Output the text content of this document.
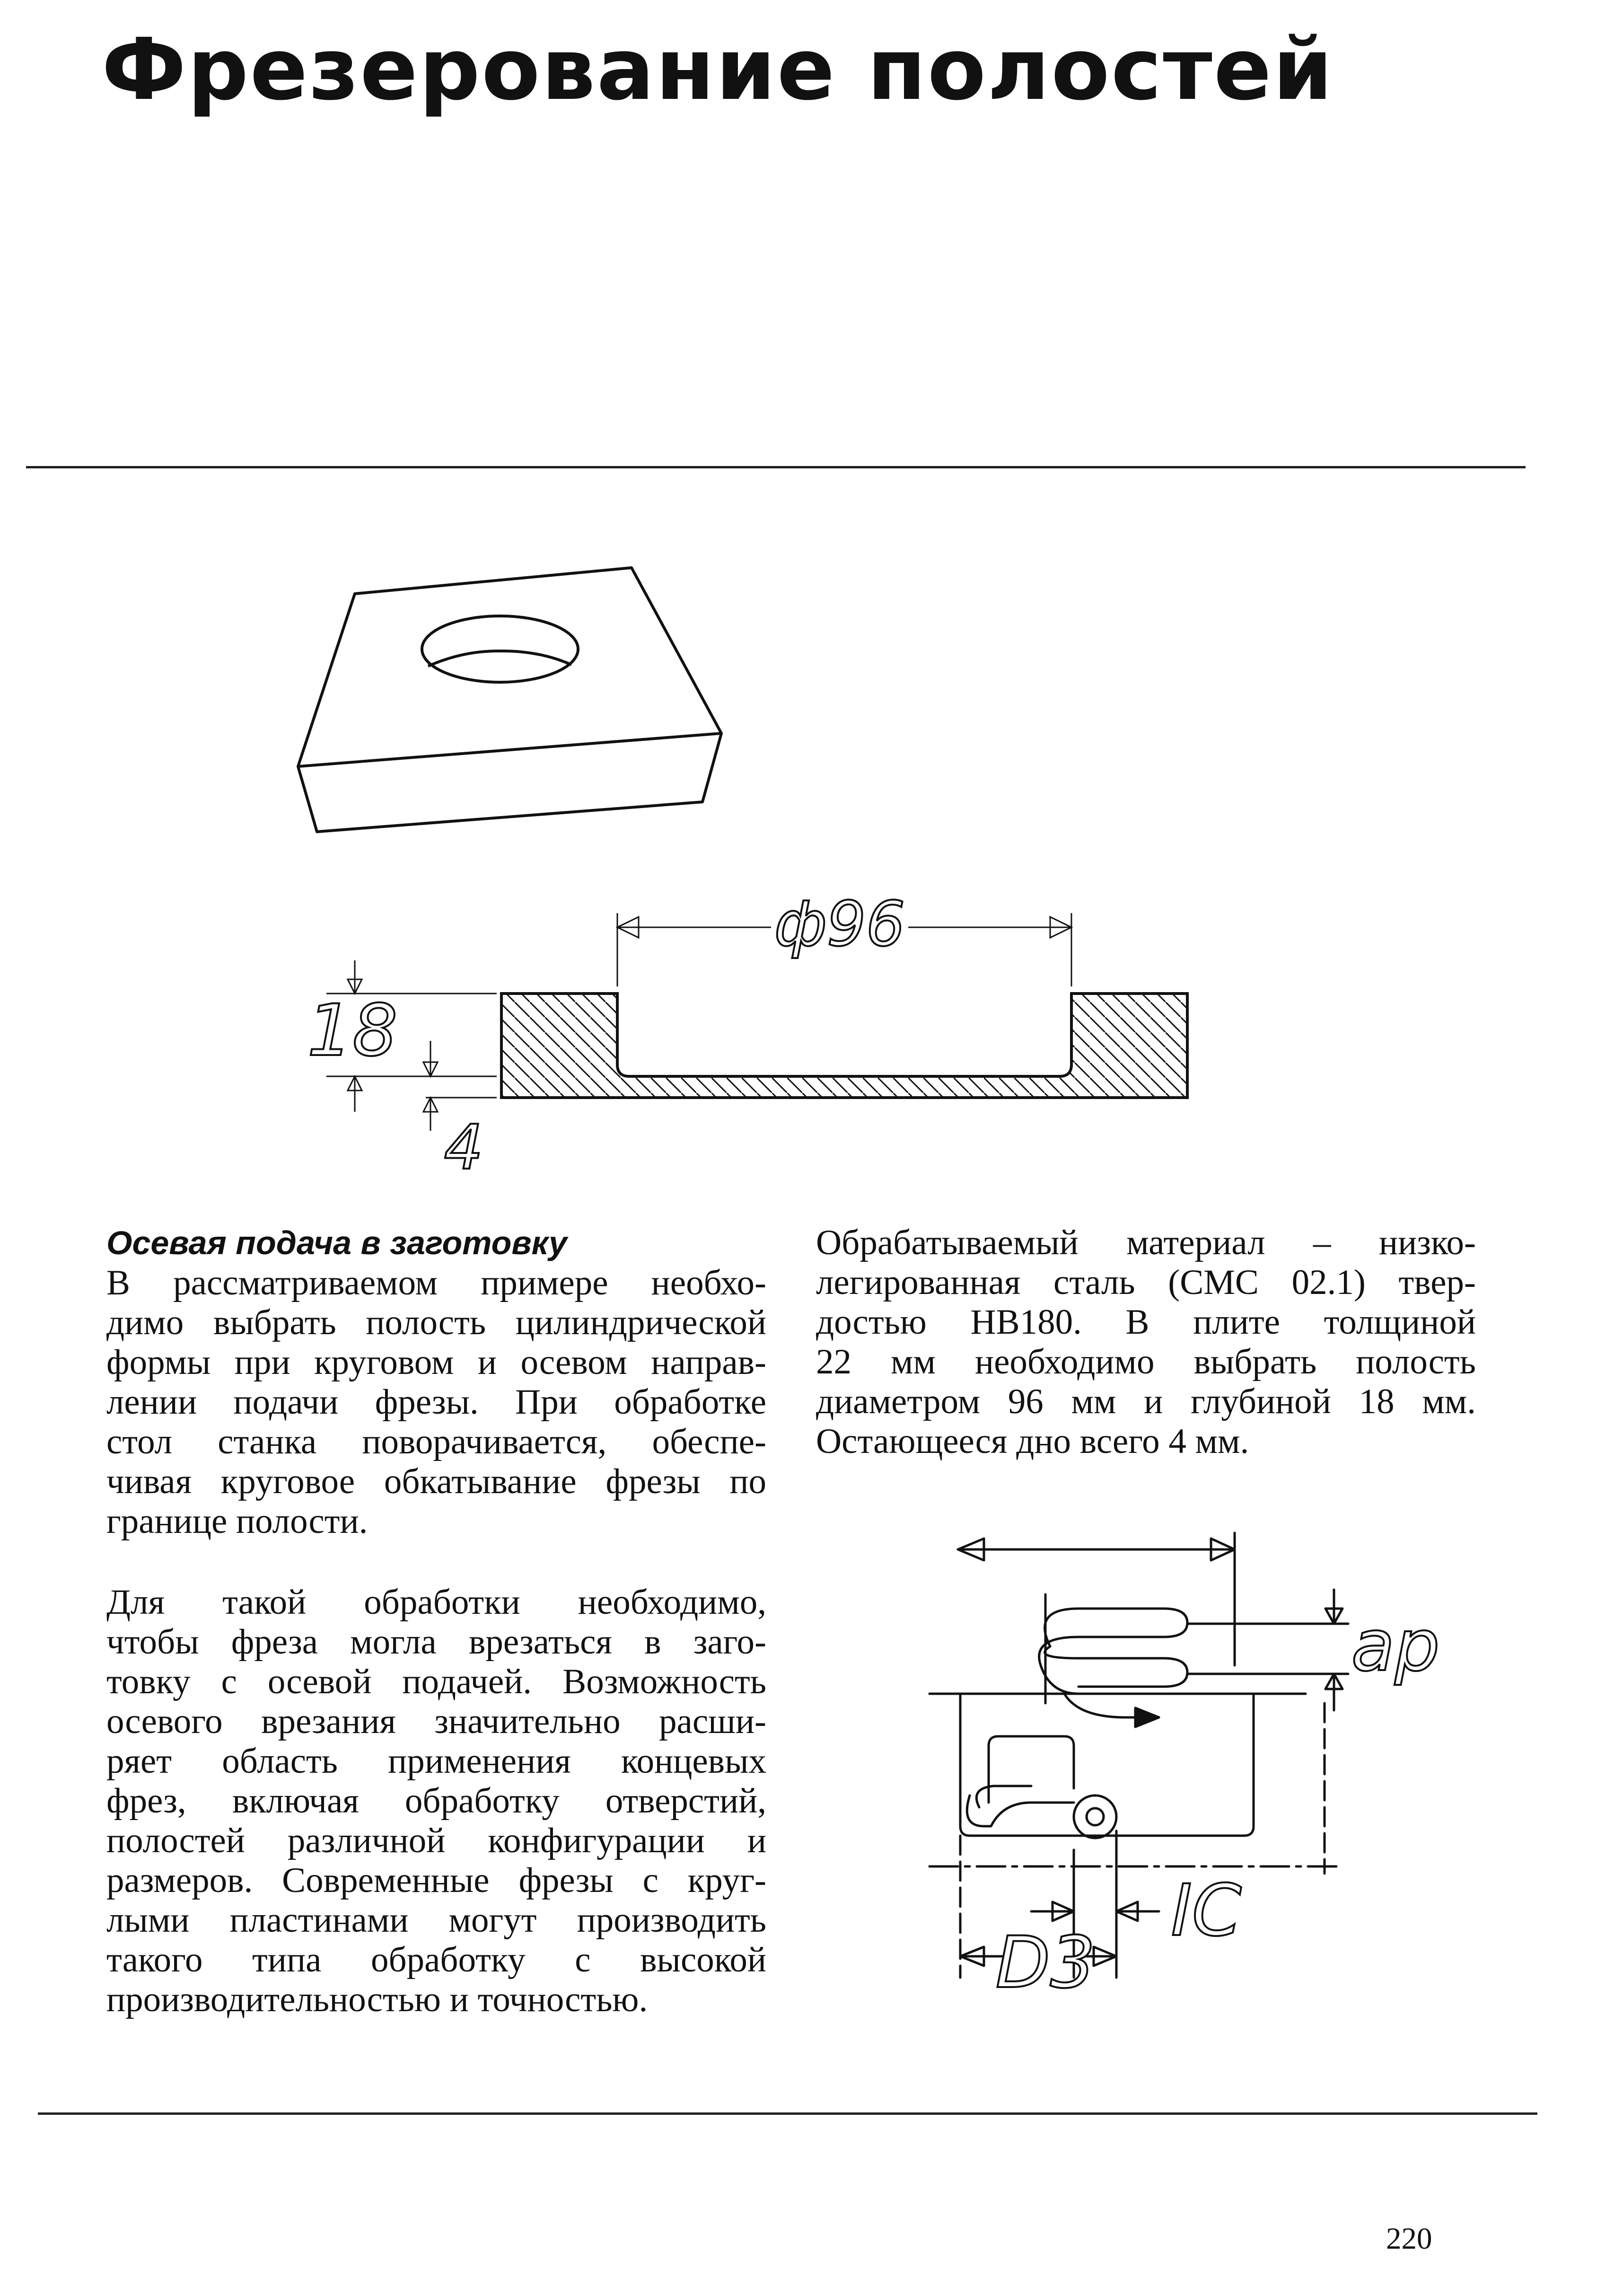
Фрезерование полостей
ф96
18
4
Осевая подача в заготовку
В рассматриваемом примере необхо-
димо выбрать полость цилиндрической
формы при круговом и осевом направ-
лении подачи фрезы. При обработке
стол станка поворачивается, обеспе-
чивая круговое обкатывание фрезы по
границе полости.
Для такой обработки необходимо,
чтобы фреза могла врезаться в заго-
товку с осевой подачей. Возможность
осевого врезания значительно расши-
ряет область применения концевых
фрез, включая обработку отверстий,
полостей различной конфигурации и
размеров. Современные фрезы с круг-
лыми пластинами могут производить
такого типа обработку с высокой
производительностью и точностью.
Обрабатываемый материал – низко-
легированная сталь (СМС 02.1) твер-
достью НВ180. В плите толщиной
22 мм необходимо выбрать полость
диаметром 96 мм и глубиной 18 мм.
Остающееся дно всего 4 мм.
ap
IC
D3
220
